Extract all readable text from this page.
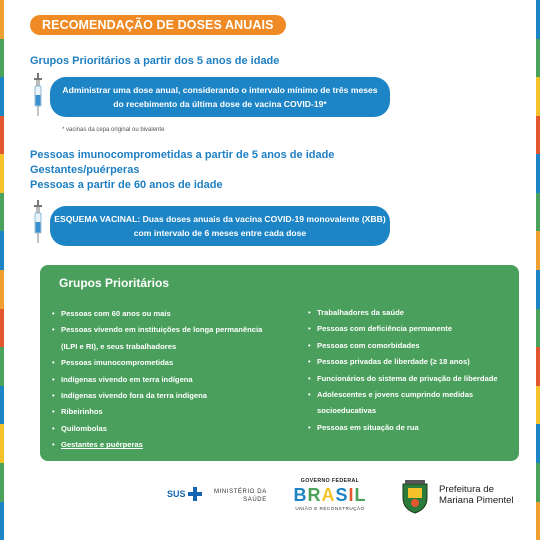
RECOMENDAÇÃO DE DOSES ANUAIS
Grupos Prioritários a partir dos 5 anos de idade
Administrar uma dose anual, considerando o intervalo mínimo de três meses
do recebimento da última dose de vacina COVID-19*
* vacinas da cepa original ou bivalente
Pessoas imunocomprometidas a partir de 5 anos de idade
Gestantes/puérperas
Pessoas a partir de 60 anos de idade
ESQUEMA VACINAL: Duas doses anuais da vacina COVID-19 monovalente (XBB)
com intervalo de 6 meses entre cada dose
Grupos Prioritários
• Pessoas com 60 anos ou mais
• Pessoas vivendo em instituições de longa permanência
(ILPI e RI), e seus trabalhadores
• Pessoas imunocomprometidas
• Indígenas vivendo em terra indígena
• Indígenas vivendo fora da terra indígena
• Ribeirinhos
• Quilombolas
• Gestantes e puérperas
• Trabalhadores da saúde
• Pessoas com deficiência permanente
• Pessoas com comorbidades
• Pessoas privadas de liberdade (≥ 18 anos)
• Funcionários do sistema de privação de liberdade
• Adolescentes e jovens cumprindo medidas
socioeducativas
• Pessoas em situação de rua
SUS	MINISTÉRIO DA
SAÚDE
GOVERNO FEDERAL
BRASIL
UNIÃO E RECONSTRUÇÃO
Prefeitura de
Mariana Pimentel
